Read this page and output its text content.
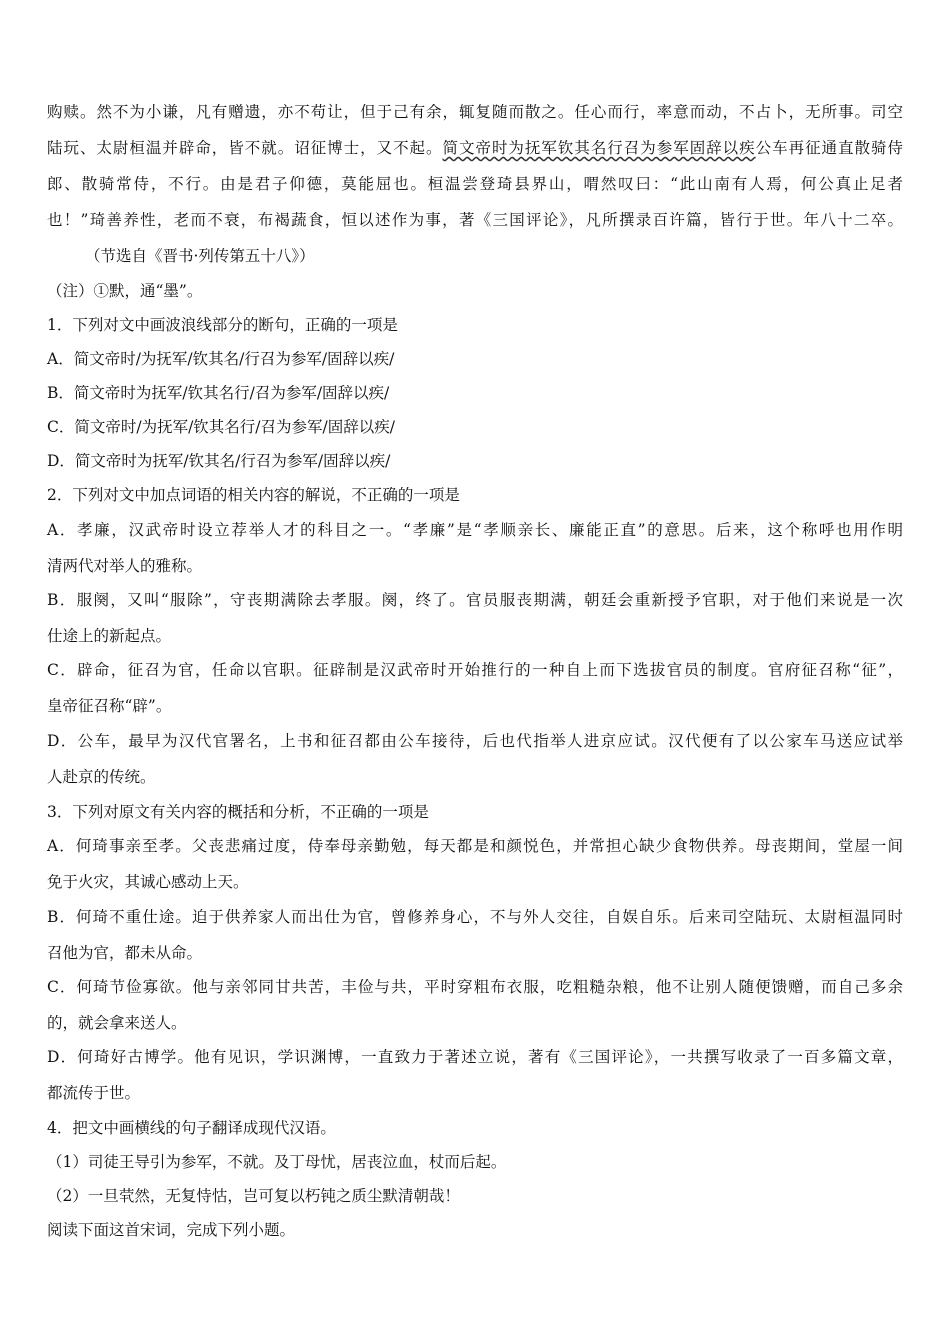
购赎。然不为小谦，凡有赠遗，亦不苟让，但于己有余，辄复随而散之。任心而行，率意而动，不占卜，无所事。司空
陆玩、太尉桓温并辟命，皆不就。诏征博士，又不起。简文帝时为抚军钦其名行召为参军固辞以疾公车再征通直散骑侍
郎、散骑常侍，不行。由是君子仰德，莫能屈也。桓温尝登琦县界山，喟然叹曰：“此山南有人焉，何公真止足者
也！”琦善养性，老而不衰，布褐蔬食，恒以述作为事，著《三国评论》，凡所撰录百许篇，皆行于世。年八十二卒。
（节选自《晋书·列传第五十八》）
（注）①默，通“墨”。
1．下列对文中画波浪线部分的断句，正确的一项是
A．简文帝时/为抚军/钦其名/行召为参军/固辞以疾/
B．简文帝时为抚军/钦其名行/召为参军/固辞以疾/
C．简文帝时/为抚军/钦其名行/召为参军/固辞以疾/
D．简文帝时为抚军/钦其名/行召为参军/固辞以疾/
2．下列对文中加点词语的相关内容的解说，不正确的一项是
A．孝廉，汉武帝时设立荐举人才的科目之一。“孝廉”是“孝顺亲长、廉能正直”的意思。后来，这个称呼也用作明
清两代对举人的雅称。
B．服阕，又叫“服除”，守丧期满除去孝服。阕，终了。官员服丧期满，朝廷会重新授予官职，对于他们来说是一次
仕途上的新起点。
C．辟命，征召为官，任命以官职。征辟制是汉武帝时开始推行的一种自上而下选拔官员的制度。官府征召称“征”，
皇帝征召称“辟”。
D．公车，最早为汉代官署名，上书和征召都由公车接待，后也代指举人进京应试。汉代便有了以公家车马送应试举
人赴京的传统。
3．下列对原文有关内容的概括和分析，不正确的一项是
A．何琦事亲至孝。父丧悲痛过度，侍奉母亲勤勉，每天都是和颜悦色，并常担心缺少食物供养。母丧期间，堂屋一间
免于火灾，其诚心感动上天。
B．何琦不重仕途。迫于供养家人而出仕为官，曾修养身心，不与外人交往，自娱自乐。后来司空陆玩、太尉桓温同时
召他为官，都未从命。
C．何琦节俭寡欲。他与亲邻同甘共苦，丰俭与共，平时穿粗布衣服，吃粗糙杂粮，他不让别人随便馈赠，而自己多余
的，就会拿来送人。
D．何琦好古博学。他有见识，学识渊博，一直致力于著述立说，著有《三国评论》，一共撰写收录了一百多篇文章，
都流传于世。
4．把文中画横线的句子翻译成现代汉语。
（1）司徒王导引为参军，不就。及丁母忧，居丧泣血，杖而后起。
（2）一旦茕然，无复恃怙，岂可复以朽钝之质尘默清朝哉！
阅读下面这首宋词，完成下列小题。
